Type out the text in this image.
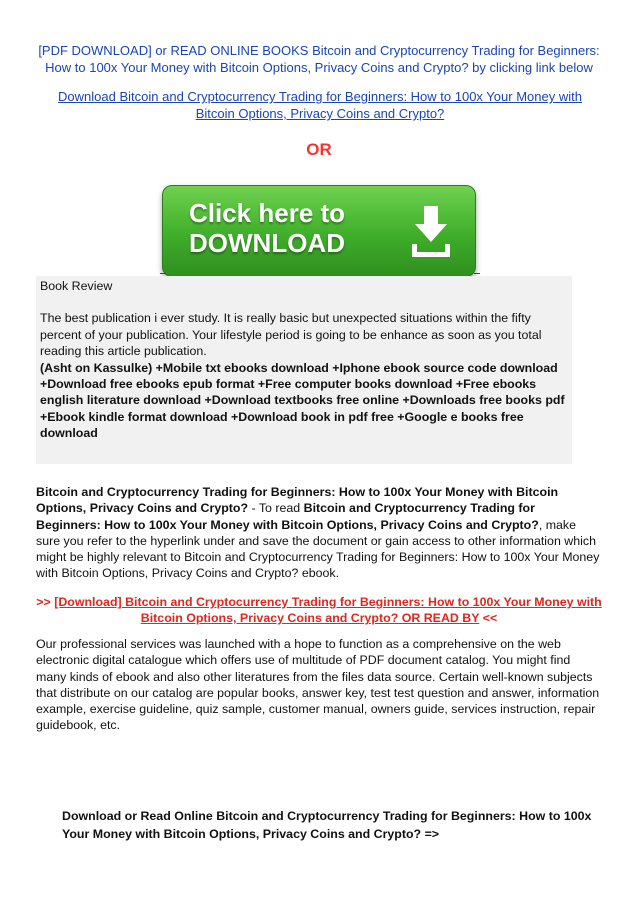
[PDF DOWNLOAD] or READ ONLINE BOOKS Bitcoin and Cryptocurrency Trading for Beginners: How to 100x Your Money with Bitcoin Options, Privacy Coins and Crypto? by clicking link below
Download Bitcoin and Cryptocurrency Trading for Beginners: How to 100x Your Money with Bitcoin Options, Privacy Coins and Crypto?
OR
Click here to
DOWNLOAD

Book Review

The best publication i ever study. It is really basic but unexpected situations within the fifty percent of your publication. Your lifestyle period is going to be enhance as soon as you total reading this article publication.

(Asht on Kassulke) +Mobile txt ebooks download +Iphone ebook source code download +Download free ebooks epub format +Free computer books download +Free ebooks english literature download +Download textbooks free online +Downloads free books pdf +Ebook kindle format download +Download book in pdf free +Google e books free download

Bitcoin and Cryptocurrency Trading for Beginners: How to 100x Your Money with Bitcoin Options, Privacy Coins and Crypto? - To read Bitcoin and Cryptocurrency Trading for Beginners: How to 100x Your Money with Bitcoin Options, Privacy Coins and Crypto?, make sure you refer to the hyperlink under and save the document or gain access to other information which might be highly relevant to Bitcoin and Cryptocurrency Trading for Beginners: How to 100x Your Money with Bitcoin Options, Privacy Coins and Crypto? ebook.
>> [Download] Bitcoin and Cryptocurrency Trading for Beginners: How to 100x Your Money with Bitcoin Options, Privacy Coins and Crypto? OR READ BY <<
Our professional services was launched with a hope to function as a comprehensive on the web electronic digital catalogue which offers use of multitude of PDF document catalog. You might find many kinds of ebook and also other literatures from the files data source. Certain well-known subjects that distribute on our catalog are popular books, answer key, test test question and answer, information example, exercise guideline, quiz sample, customer manual, owners guide, services instruction, repair guidebook, etc.
Download or Read Online Bitcoin and Cryptocurrency Trading for Beginners: How to 100x Your Money with Bitcoin Options, Privacy Coins and Crypto? =>
